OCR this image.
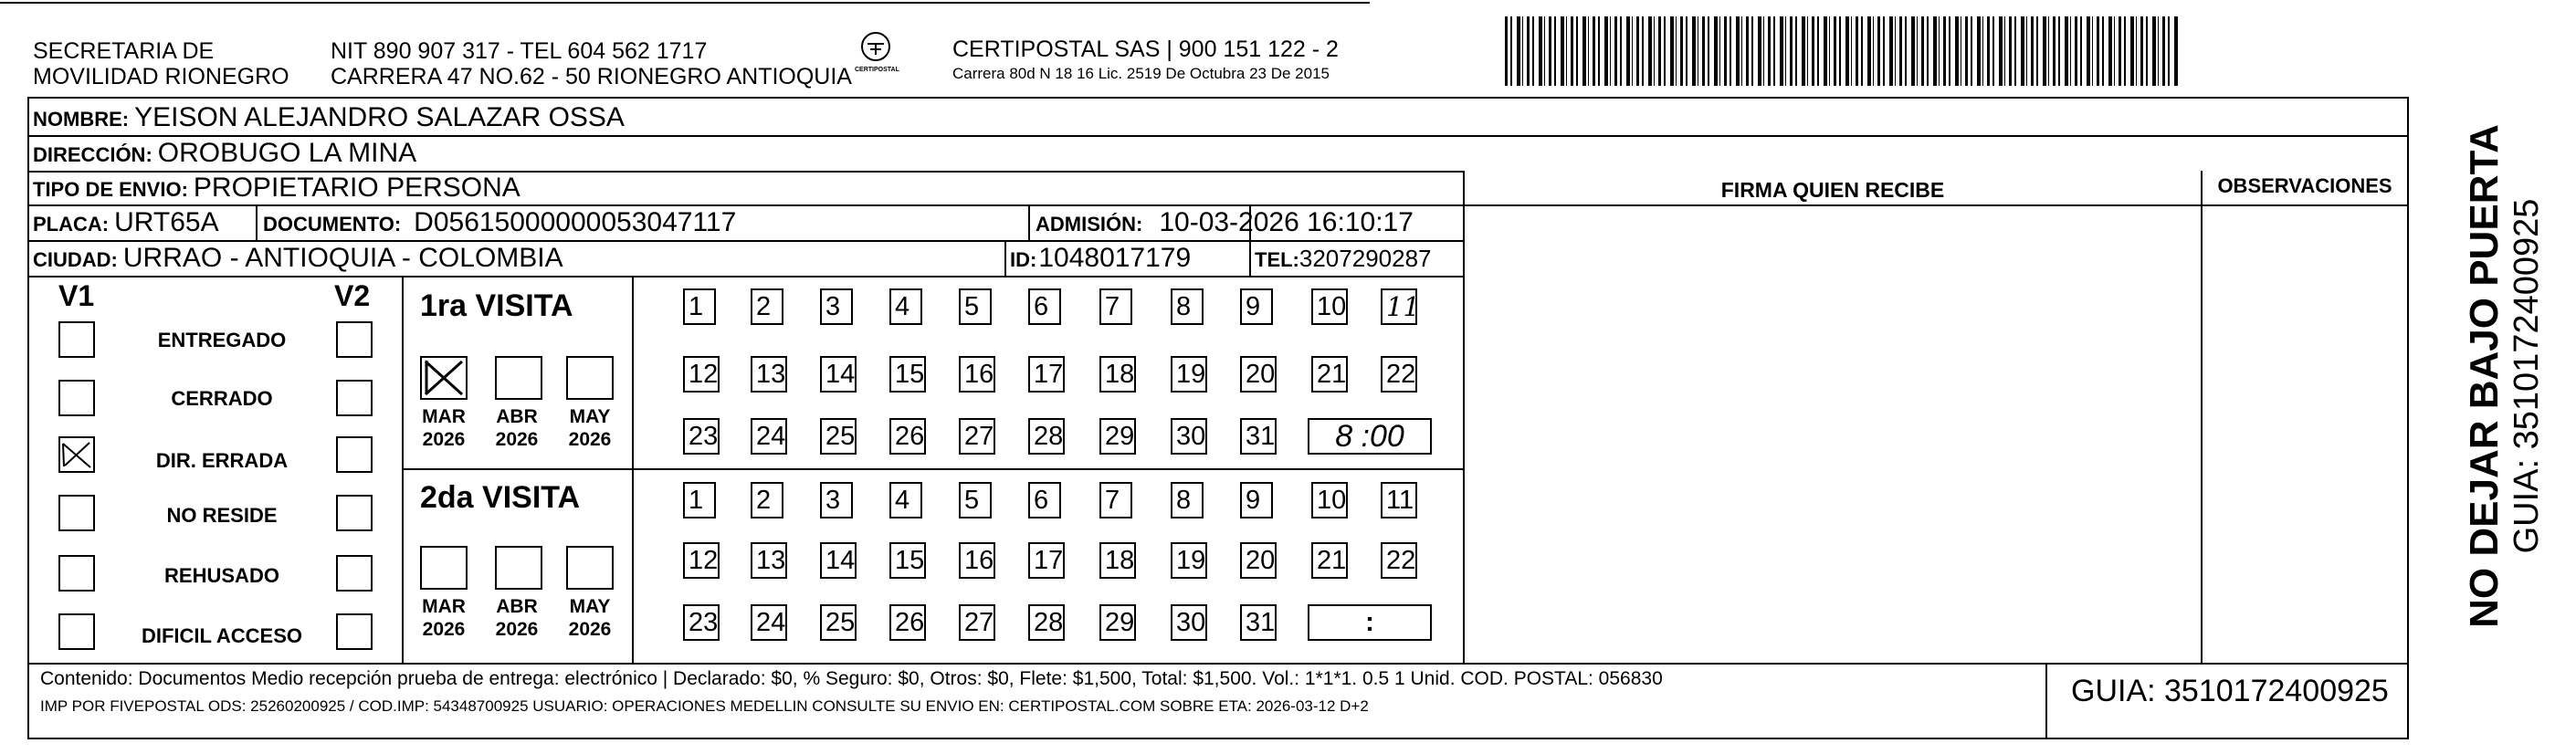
SECRETARIA DE
MOVILIDAD RIONEGRO
NIT 890 907 317 - TEL 604 562 1717
CARRERA 47 NO.62 - 50 RIONEGRO ANTIOQUIA CERTIPOSTAL
CERTIPOSTAL SAS | 900 151 122 - 2
Carrera 80d N 18 16 Lic. 2519 De Octubra 23 De 2015
NOMBRE: YEISON ALEJANDRO SALAZAR OSSA
DIRECCIÓN: OROBUGO LA MINA
TIPO DE ENVIO: PROPIETARIO PERSONA	FIRMA QUIEN RECIBE	OBSERVACIONES
PLACA: URT65A DOCUMENTO: D05615000000053047117	ADMISIÓN: 10-03-2026 16:10:17
CIUDAD: URRAO - ANTIOQUIA - COLOMBIA	ID: 1048017179	TEL: 3207290287
V1	V2
ENTREGADO
CERRADO
DIR. ERRADA
NO RESIDE
REHUSADO
DIFICIL ACCESO
1ra VISITA
MAR
2026
ABR
2026
MAY
2026
1	2	3	4	5	6	7	8	9	10 11
12 13 14 15 16 17 18 19 20 21 22
23 24 25 26 27 28 29 30 31	8 :00
2da VISITA
MAR
2026
ABR
2026
MAY
2026
1	2	3	4	5	6	7	8	9	10 11
12 13 14 15 16 17 18 19 20 21 22
23 24 25 26 27 28 29 30 31	:
Contenido: Documentos Medio recepción prueba de entrega: electrónico | Declarado: $0, % Seguro: $0, Otros: $0, Flete: $1,500, Total: $1,500. Vol.: 1*1*1. 0.5 1 Unid. COD. POSTAL: 056830
IMP POR FIVEPOSTAL ODS: 25260200925 / COD.IMP: 54348700925 USUARIO: OPERACIONES MEDELLIN CONSULTE SU ENVIO EN: CERTIPOSTAL.COM SOBRE ETA: 2026-03-12 D+2	GUIA: 3510172400925
NO DEJAR BAJO PUERTA GUIA: 3510172400925
